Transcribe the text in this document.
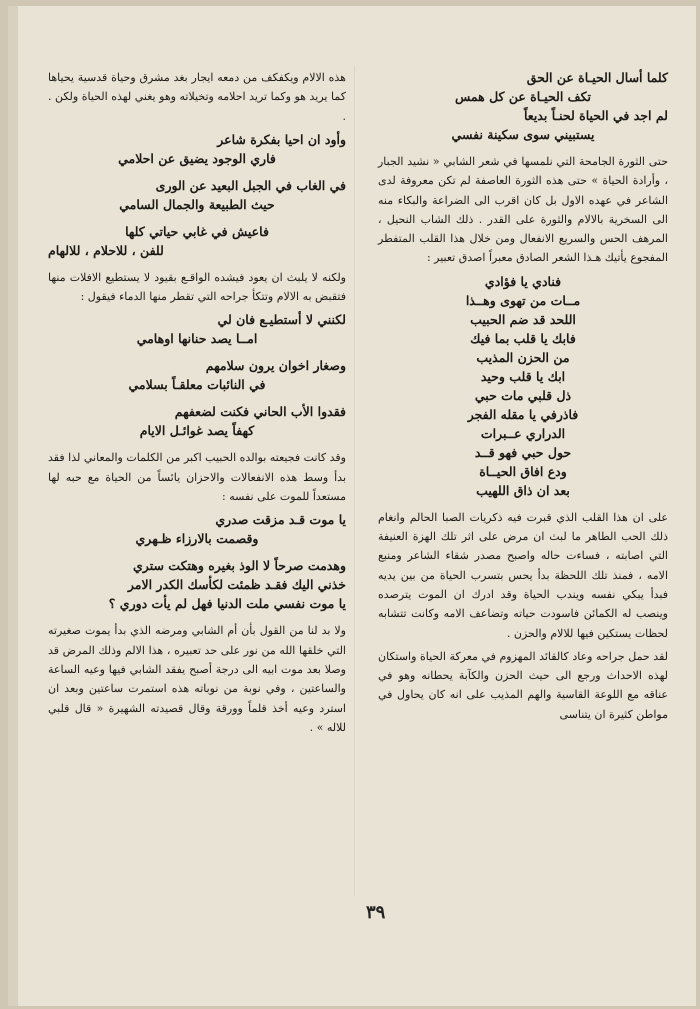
كلما أسال الحيـاة عن الحق
تكف الحيـاة عن كل همس
لم اجد في الحياة لحنـاً بديعاً
يستبيني سوى سكينة نفسي
حتى الثورة الجامحة التي نلمسها في شعر الشابي « نشيد الجبار ، وأرادة الحياة » حتى هذه الثورة العاصفة لم تكن معروفة لدى الشاعر في عهده الاول بل كان اقرب الى الضراعة والبكاء منه الى السخرية بالالام والثورة على القدر . ذلك الشاب النحيل ، المرهف الحس والسريع الانفعال ومن خلال هذا القلب المتفطر المفجوع يأتيك هـذا الشعر الصادق معبراً اصدق تعبير :
فنادي يا فؤادي
مــات من تهوى وهــذا
اللحد قد ضم الحبيب
فابك يا قلب بما فيك
من الحزن المذيب
ابك يا قلب وحيد
ذل قلبي مات حبي
فاذرفي يا مقله الفجر
الدراري عــبرات
حول حبي فهو قــد
ودع افاق الحيــاة
بعد ان ذاق اللهيب
على ان هذا القلب الذي قبرت فيه ذكريات الصبا الحالم وانغام ذلك الحب الطاهر ما لبث ان مرض على اثر تلك الهزة العنيفة التي اصابته ، فساءت حاله واصبح مصدر شقاء الشاعر ومنبع الامه ، فمنذ تلك اللحظة بدأ يحس بتسرب الحياة من بين يديه فبدأ يبكي نفسه ويندب الحياة وقد ادرك ان الموت يترصده وينصب له الكمائن فاسودت حياته وتضاعف الامه وكانت تتشابه لحظات يستكين فيها للالام والحزن .
لقد حمل جراحه وعاد كالقائد المهزوم في معركة الحياة واستكان لهذه الاحداث ورجع الى حيث الحزن والكآبة يحطانه وهو في عناقه مع اللوعة القاسية والهم المذيب على انه كان يحاول في مواطن كثيرة ان يتناسى
هذه الالام ويكفكف من دمعه ايجار بغد مشرق وحياة قدسية يحياها كما يريد هو وكما تريد احلامه وتخيلاته وهو يغني لهذه الحياة ولكن . .
وأود ان احيا بفكرة شاعر
فاري الوجود يضيق عن احلامي
في الغاب في الجبل البعيد عن الورى
حيث الطبيعة والجمال السامي
فاعيش في غابي حياتي كلها
للفن ، للاحلام ، للالهام
ولكنه لا يلبث ان يعود فيشده الواقـع بقيود لا يستطيع الافلات منها فتقبض به الالام وتتكأ جراحه التي تقطر منها الدماء فيقول :
لكنني لا أستطيـع فان لي
امــا يصد حنانها اوهامي
وصغار اخوان يرون سلامهم
في النائبات معلقـاً بسلامي
فقدوا الأب الحاني فكنت لضعفهم
كهفاً يصد غوائـل الايام
وقد كانت فجيعته بوالده الحبيب اكبر من الكلمات والمعاني لذا فقد بدأ وسط هذه الانفعالات والاحزان يائساً من الحياة مع حبه لها مستعداً للموت على نفسه :
يا موت قـد مزقت صدري
وقصمت بالارزاء ظـهري
وهدمت صرحاً لا الوذ بغيره وهتكت ستري
خذني اليك فقـد ظمئت لكأسك الكدر الامر
يا موت نفسي ملت الدنيا فهل لم يأت دوري ؟
ولا بد لنا من القول بأن أم الشابي ومرضه الذي بدأ يموت صغيرته التي خلقها الله من نور على حد تعبيره ، هذا الالم وذلك المرض قد وصلا بعد موت ابيه الى درجة أصبح يفقد الشابي فيها وعيه الساعة والساعتين ، وفي نوبة من نوباته هذه استمرت ساعتين وبعد ان استرد وعيه أخذ قلماً وورقة وقال قصيدته الشهيرة « قال قلبي للاله » .
٣٩
